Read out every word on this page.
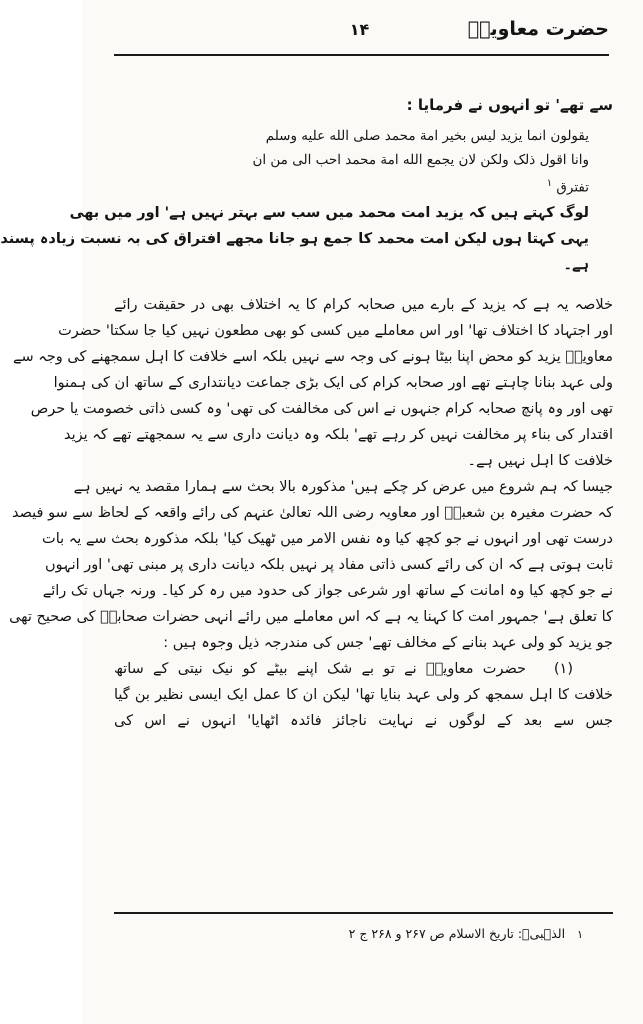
حضرت معاویہؓ
۱۴
سے تھے' تو انہوں نے فرمایا :
یقولون انما یزید لیس بخیر امة محمد صلی الله علیه وسلم
وانا اقول ذلک ولکن لان یجمع الله امة محمد احب الی من ان
تفترق $^۱$
لوگ کہتے ہیں کہ یزید امت محمد میں سب سے بہتر نہیں ہے' اور میں بھی
یہی کہتا ہوں لیکن امت محمد کا جمع ہو جانا مجھے افتراق کی بہ نسبت زیادہ پسند
ہے۔
خلاصہ یہ ہے کہ یزید کے بارے میں صحابہ کرام کا یہ اختلاف بھی در حقیقت رائے
اور اجتہاد کا اختلاف تھا' اور اس معاملے میں کسی کو بھی مطعون نہیں کیا جا سکتا' حضرت
معاویہؓ یزید کو محض اپنا بیٹا ہونے کی وجہ سے نہیں بلکہ اسے خلافت کا اہل سمجھنے کی وجہ سے
ولی عہد بنانا چاہتے تھے اور صحابہ کرام کی ایک بڑی جماعت دیانتداری کے ساتھ ان کی ہمنوا
تھی اور وہ پانچ صحابہ کرام جنہوں نے اس کی مخالفت کی تھی' وہ کسی ذاتی خصومت یا حرص
اقتدار کی بناء پر مخالفت نہیں کر رہے تھے' بلکہ وہ دیانت داری سے یہ سمجھتے تھے کہ یزید
خلافت کا اہل نہیں ہے۔
جیسا کہ ہم شروع میں عرض کر چکے ہیں' مذکورہ بالا بحث سے ہمارا مقصد یہ نہیں ہے
کہ حضرت مغیرہ بن شعبہؓ اور معاویہ رضی اللہ تعالیٰ عنہم کی رائے واقعہ کے لحاظ سے سو فیصد
درست تھی اور انہوں نے جو کچھ کیا وہ نفس الامر میں ٹھیک کیا' بلکہ مذکورہ بحث سے یہ بات
ثابت ہوتی ہے کہ ان کی رائے کسی ذاتی مفاد پر نہیں بلکہ دیانت داری پر مبنی تھی' اور انہوں
نے جو کچھ کیا وہ امانت کے ساتھ اور شرعی جواز کی حدود میں رہ کر کیا۔ ورنہ جہاں تک رائے
کا تعلق ہے' جمہور امت کا کہنا یہ ہے کہ اس معاملے میں رائے انہی حضرات صحابہؓ کی صحیح تھی
جو یزید کو ولی عہد بنانے کے مخالف تھے' جس کی مندرجہ ذیل وجوہ ہیں :
(۱)   حضرت معاویہؓ نے تو بے شک اپنے بیٹے کو نیک نیتی کے ساتھ
خلافت کا اہل سمجھ کر ولی عہد بنایا تھا' لیکن ان کا عمل ایک ایسی نظیر بن گیا
جس سے بعد کے لوگوں نے نہایت ناجائز فائدہ اٹھایا' انہوں نے اس کی
۱ الذہبیؒ: تاریخ الاسلام ص ۲۶۷ و ۲۶۸ ج ۲
